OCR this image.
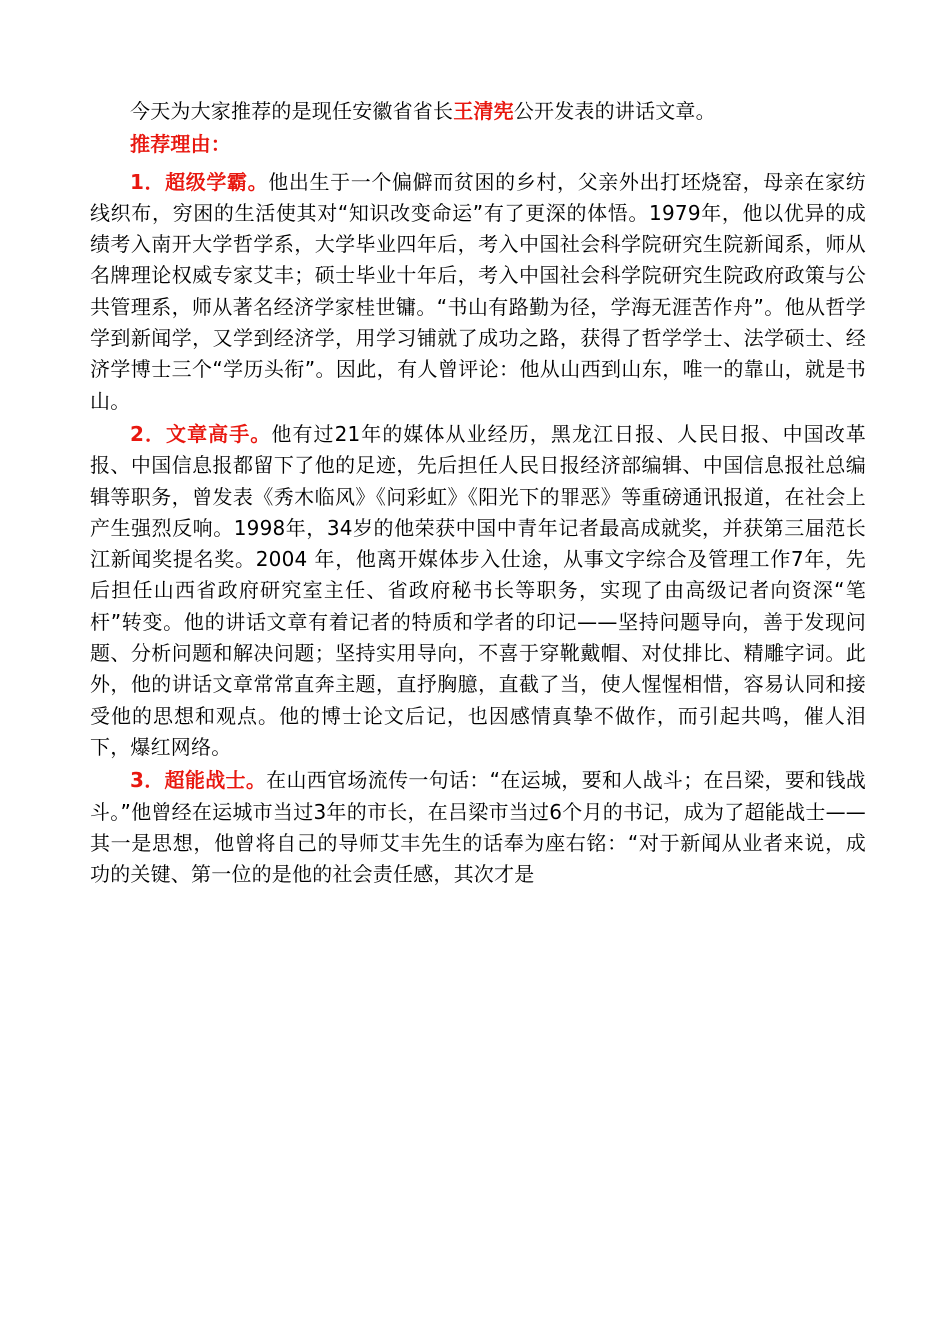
今天为大家推荐的是现任安徽省省长王清宪公开发表的讲话文章。

推荐理由：

1．超级学霸。他出生于一个偏僻而贫困的乡村，父亲外出打坯烧窑，母亲在家纺线织布，穷困的生活使其对“知识改变命运”有了更深的体悟。1979年，他以优异的成绩考入南开大学哲学系，大学毕业四年后，考入中国社会科学院研究生院新闻系，师从名牌理论权威专家艾丰；硕士毕业十年后，考入中国社会科学院研究生院政府政策与公共管理系，师从著名经济学家桂世镛。“书山有路勤为径，学海无涯苦作舟”。他从哲学学到新闻学，又学到经济学，用学习铺就了成功之路，获得了哲学学士、法学硕士、经济学博士三个“学历头衔”。因此，有人曾评论：他从山西到山东，唯一的靠山，就是书山。

2．文章高手。他有过21年的媒体从业经历，黑龙江日报、人民日报、中国改革报、中国信息报都留下了他的足迹，先后担任人民日报经济部编辑、中国信息报社总编辑等职务，曾发表《秀木临风》《问彩虹》《阳光下的罪恶》等重磅通讯报道，在社会上产生强烈反响。1998年，34岁的他荣获中国中青年记者最高成就奖，并获第三届范长江新闻奖提名奖。2004 年，他离开媒体步入仕途，从事文字综合及管理工作7年，先后担任山西省政府研究室主任、省政府秘书长等职务，实现了由高级记者向资深“笔杆”转变。他的讲话文章有着记者的特质和学者的印记——坚持问题导向，善于发现问题、分析问题和解决问题；坚持实用导向，不喜于穿靴戴帽、对仗排比、精雕字词。此外，他的讲话文章常常直奔主题，直抒胸臆，直截了当，使人惺惺相惜，容易认同和接受他的思想和观点。他的博士论文后记，也因感情真挚不做作，而引起共鸣，催人泪下，爆红网络。

3．超能战士。在山西官场流传一句话：“在运城，要和人战斗；在吕梁，要和钱战斗。”他曾经在运城市当过3年的市长，在吕梁市当过6个月的书记，成为了超能战士——其一是思想，他曾将自己的导师艾丰先生的话奉为座右铭：“对于新闻从业者来说，成功的关键、第一位的是他的社会责任感，其次才是
